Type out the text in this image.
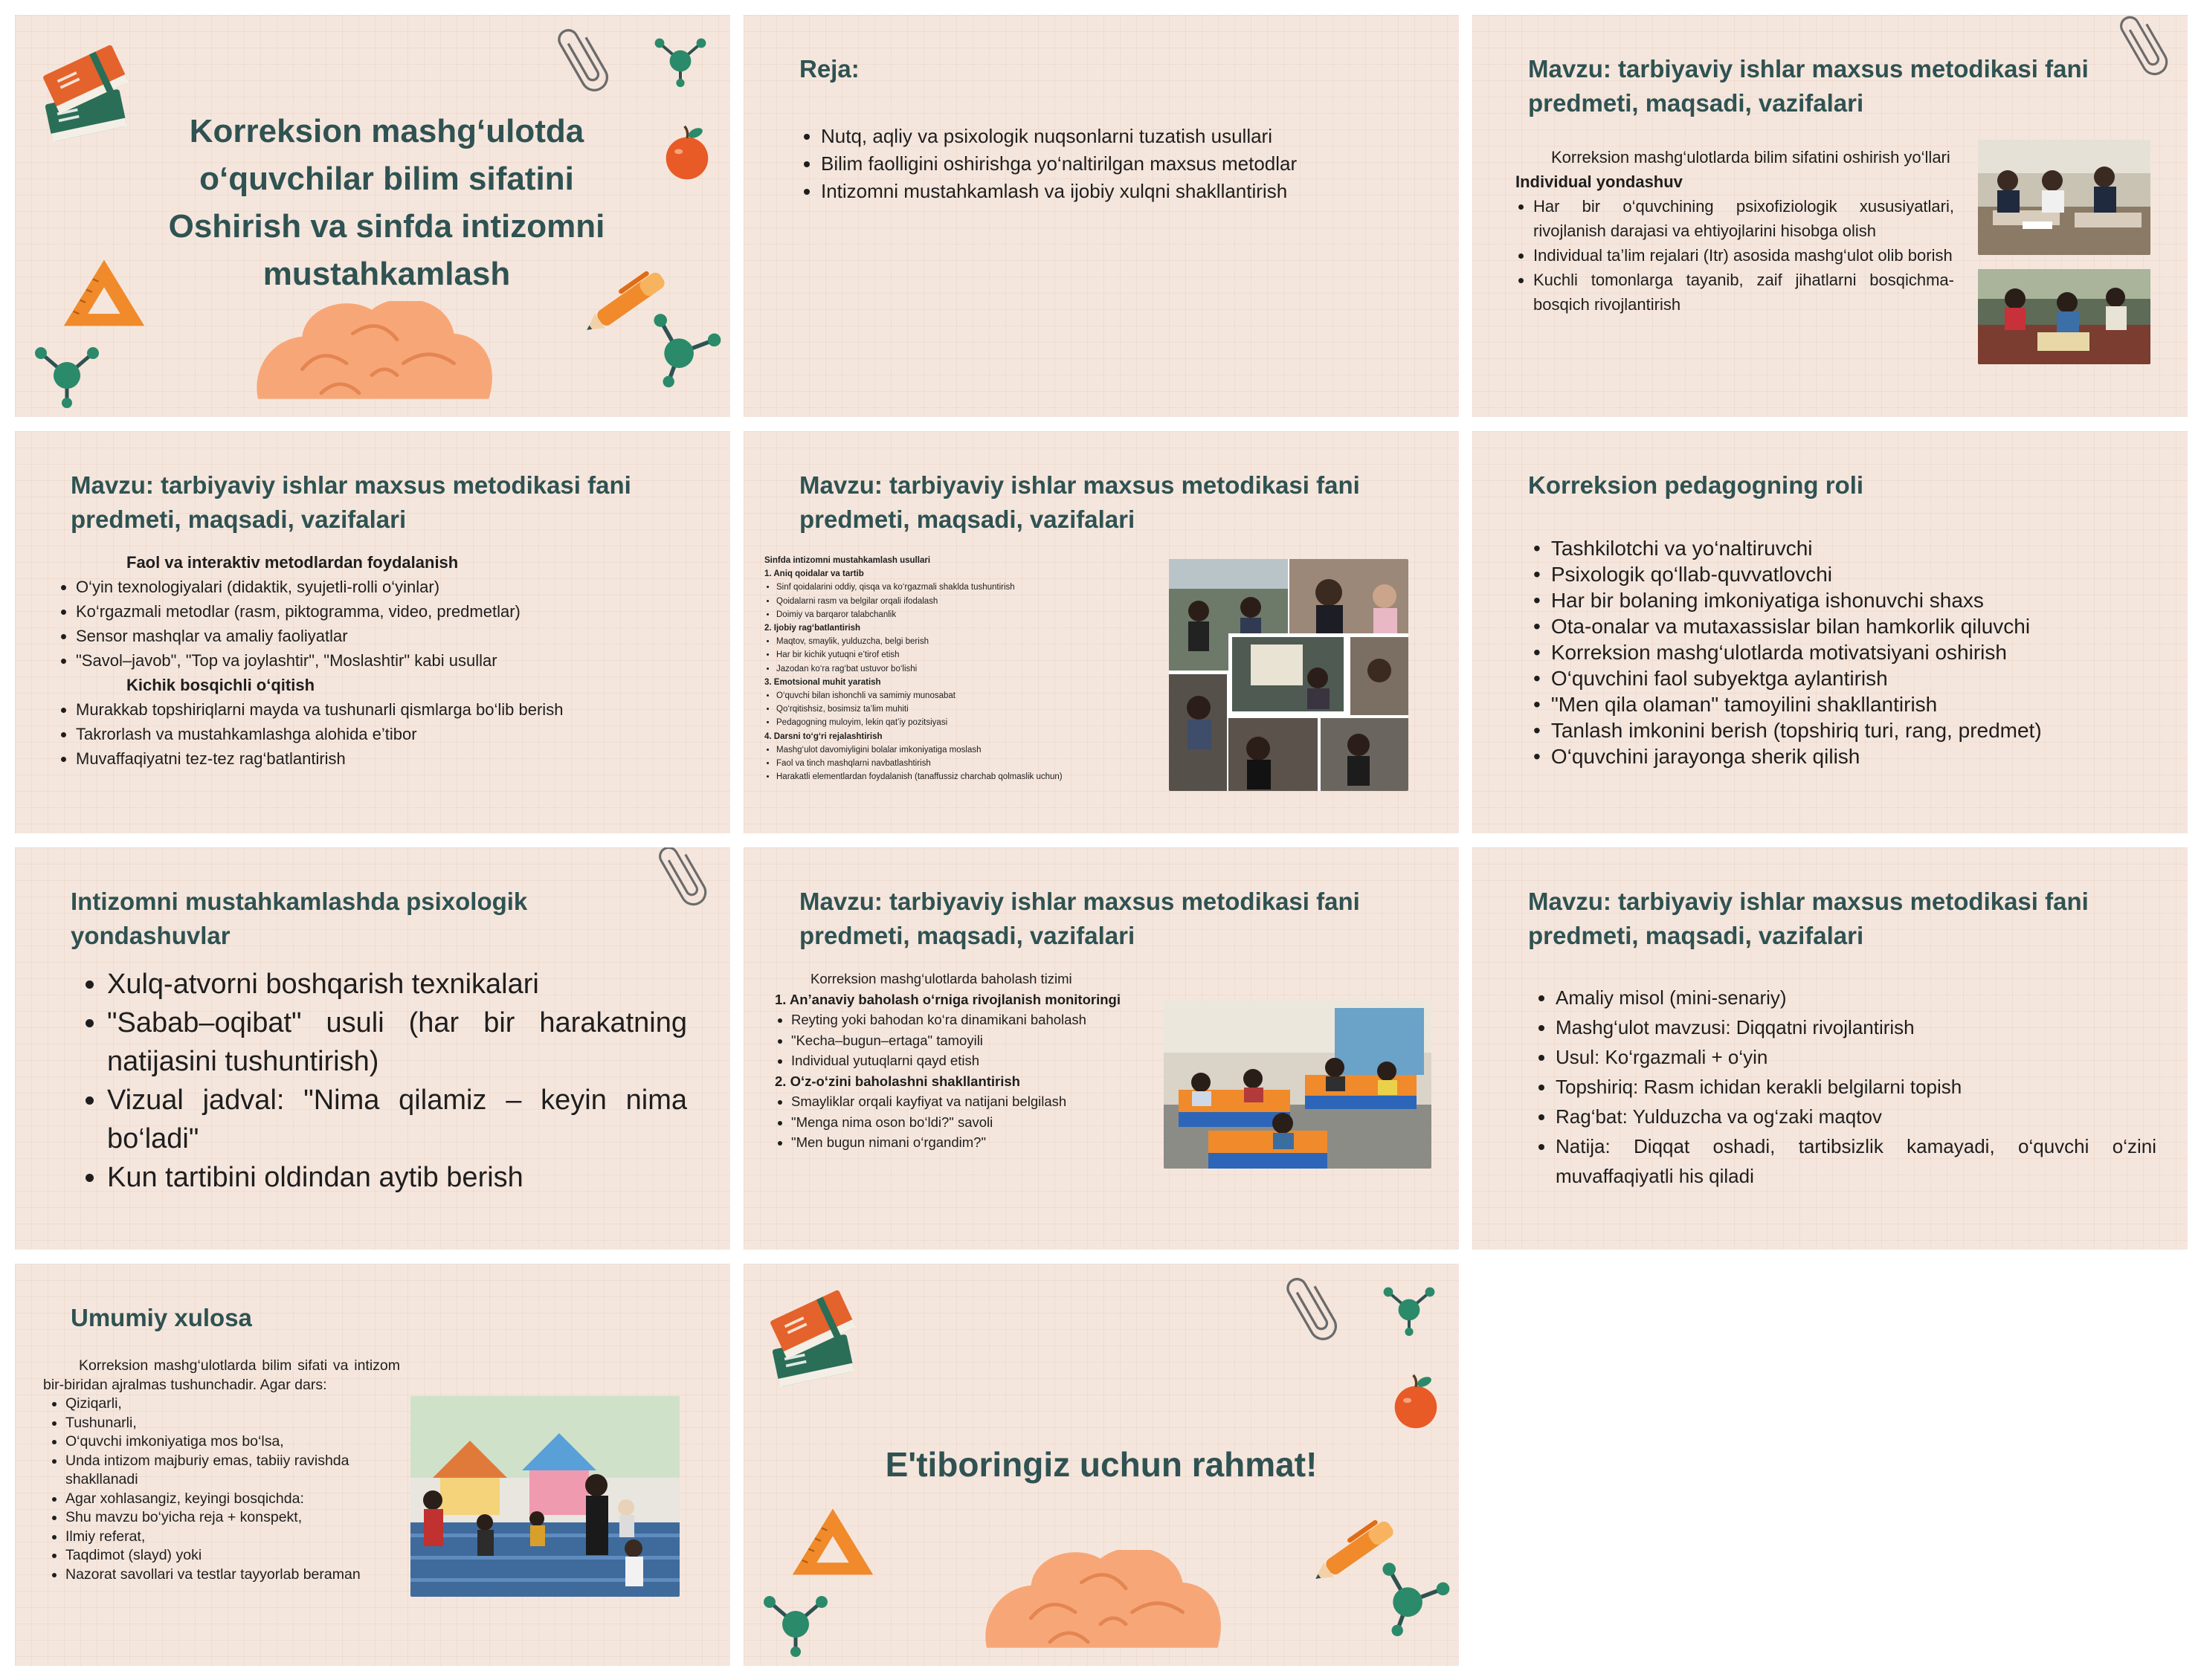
Korreksion mashg‘ulotda
o‘quvchilar bilim sifatini
Oshirish va sinfda intizomni
mustahkamlash
Reja:
• Nutq, aqliy va psixologik nuqsonlarni tuzatish usullari
• Bilim faolligini oshirishga yo‘naltirilgan maxsus metodlar
• Intizomni mustahkamlash va ijobiy xulqni shakllantirish
Mavzu: tarbiyaviy ishlar maxsus metodikasi fani predmeti, maqsadi, vazifalari
Korreksion mashg‘ulotlarda bilim sifatini oshirish yo‘llari
Individual yondashuv
• Har bir o‘quvchining psixofiziologik xususiyatlari, rivojlanish darajasi va ehtiyojlarini hisobga olish
• Individual ta’lim rejalari (Itr) asosida mashg‘ulot olib borish
• Kuchli tomonlarga tayanib, zaif jihatlarni bosqichma-bosqich rivojlantirish
Mavzu: tarbiyaviy ishlar maxsus metodikasi fani predmeti, maqsadi, vazifalari
Faol va interaktiv metodlardan foydalanish
• O‘yin texnologiyalari (didaktik, syujetli-rolli o‘yinlar)
• Ko‘rgazmali metodlar (rasm, piktogramma, video, predmetlar)
• Sensor mashqlar va amaliy faoliyatlar
• "Savol–javob", "Top va joylashtir", "Moslashtir" kabi usullar
Kichik bosqichli o‘qitish
• Murakkab topshiriqlarni mayda va tushunarli qismlarga bo‘lib berish
• Takrorlash va mustahkamlashga alohida e’tibor
• Muvaffaqiyatni tez-tez rag‘batlantirish
Mavzu: tarbiyaviy ishlar maxsus metodikasi fani predmeti, maqsadi, vazifalari
Sinfda intizomni mustahkamlash usullari
1. Aniq qoidalar va tartib
• Sinf qoidalarini oddiy, qisqa va ko‘rgazmali shaklda tushuntirish
• Qoidalarni rasm va belgilar orqali ifodalash
• Doimiy va barqaror talabchanlik
2. Ijobiy rag‘batlantirish
• Maqtov, smaylik, yulduzcha, belgi berish
• Har bir kichik yutuqni e’tirof etish
• Jazodan ko‘ra rag‘bat ustuvor bo‘lishi
3. Emotsional muhit yaratish
• O‘quvchi bilan ishonchli va samimiy munosabat
• Qo‘rqitishsiz, bosimsiz ta’lim muhiti
• Pedagogning muloyim, lekin qat’iy pozitsiyasi
4. Darsni to‘g‘ri rejalashtirish
• Mashg‘ulot davomiyligini bolalar imkoniyatiga moslash
• Faol va tinch mashqlarni navbatlashtirish
• Harakatli elementlardan foydalanish (tanaffussiz charchab qolmaslik uchun)
Korreksion pedagogning roli
• Tashkilotchi va yo‘naltiruvchi
• Psixologik qo‘llab-quvvatlovchi
• Har bir bolaning imkoniyatiga ishonuvchi shaxs
• Ota-onalar va mutaxassislar bilan hamkorlik qiluvchi
• Korreksion mashg‘ulotlarda motivatsiyani oshirish
• O‘quvchini faol subyektga aylantirish
• "Men qila olaman" tamoyilini shakllantirish
• Tanlash imkonini berish (topshiriq turi, rang, predmet)
• O‘quvchini jarayonga sherik qilish
Intizomni mustahkamlashda psixologik yondashuvlar
• Xulq-atvorni boshqarish texnikalari
• "Sabab–oqibat" usuli (har bir harakatning natijasini tushuntirish)
• Vizual jadval: "Nima qilamiz – keyin nima bo‘ladi"
• Kun tartibini oldindan aytib berish
Mavzu: tarbiyaviy ishlar maxsus metodikasi fani predmeti, maqsadi, vazifalari
Korreksion mashg‘ulotlarda baholash tizimi
1. An’anaviy baholash o‘rniga rivojlanish monitoringi
• Reyting yoki bahodan ko‘ra dinamikani baholash
• "Kecha–bugun–ertaga" tamoyili
• Individual yutuqlarni qayd etish
2. O‘z-o‘zini baholashni shakllantirish
• Smayliklar orqali kayfiyat va natijani belgilash
• "Menga nima oson bo‘ldi?" savoli
• "Men bugun nimani o‘rgandim?"
Mavzu: tarbiyaviy ishlar maxsus metodikasi fani predmeti, maqsadi, vazifalari
• Amaliy misol (mini-senariy)
• Mashg‘ulot mavzusi: Diqqatni rivojlantirish
• Usul: Ko‘rgazmali + o‘yin
• Topshiriq: Rasm ichidan kerakli belgilarni topish
• Rag‘bat: Yulduzcha va og‘zaki maqtov
• Natija: Diqqat oshadi, tartibsizlik kamayadi, o‘quvchi o‘zini muvaffaqiyatli his qiladi
Umumiy xulosa
Korreksion mashg‘ulotlarda bilim sifati va intizom bir-biridan ajralmas tushunchadir. Agar dars:
• Qiziqarli,
• Tushunarli,
• O‘quvchi imkoniyatiga mos bo‘lsa,
• Unda intizom majburiy emas, tabiiy ravishda shakllanadi
• Agar xohlasangiz, keyingi bosqichda:
• Shu mavzu bo‘yicha reja + konspekt,
• Ilmiy referat,
• Taqdimot (slayd) yoki
• Nazorat savollari va testlar tayyorlab beraman
E'tiboringiz uchun rahmat!
